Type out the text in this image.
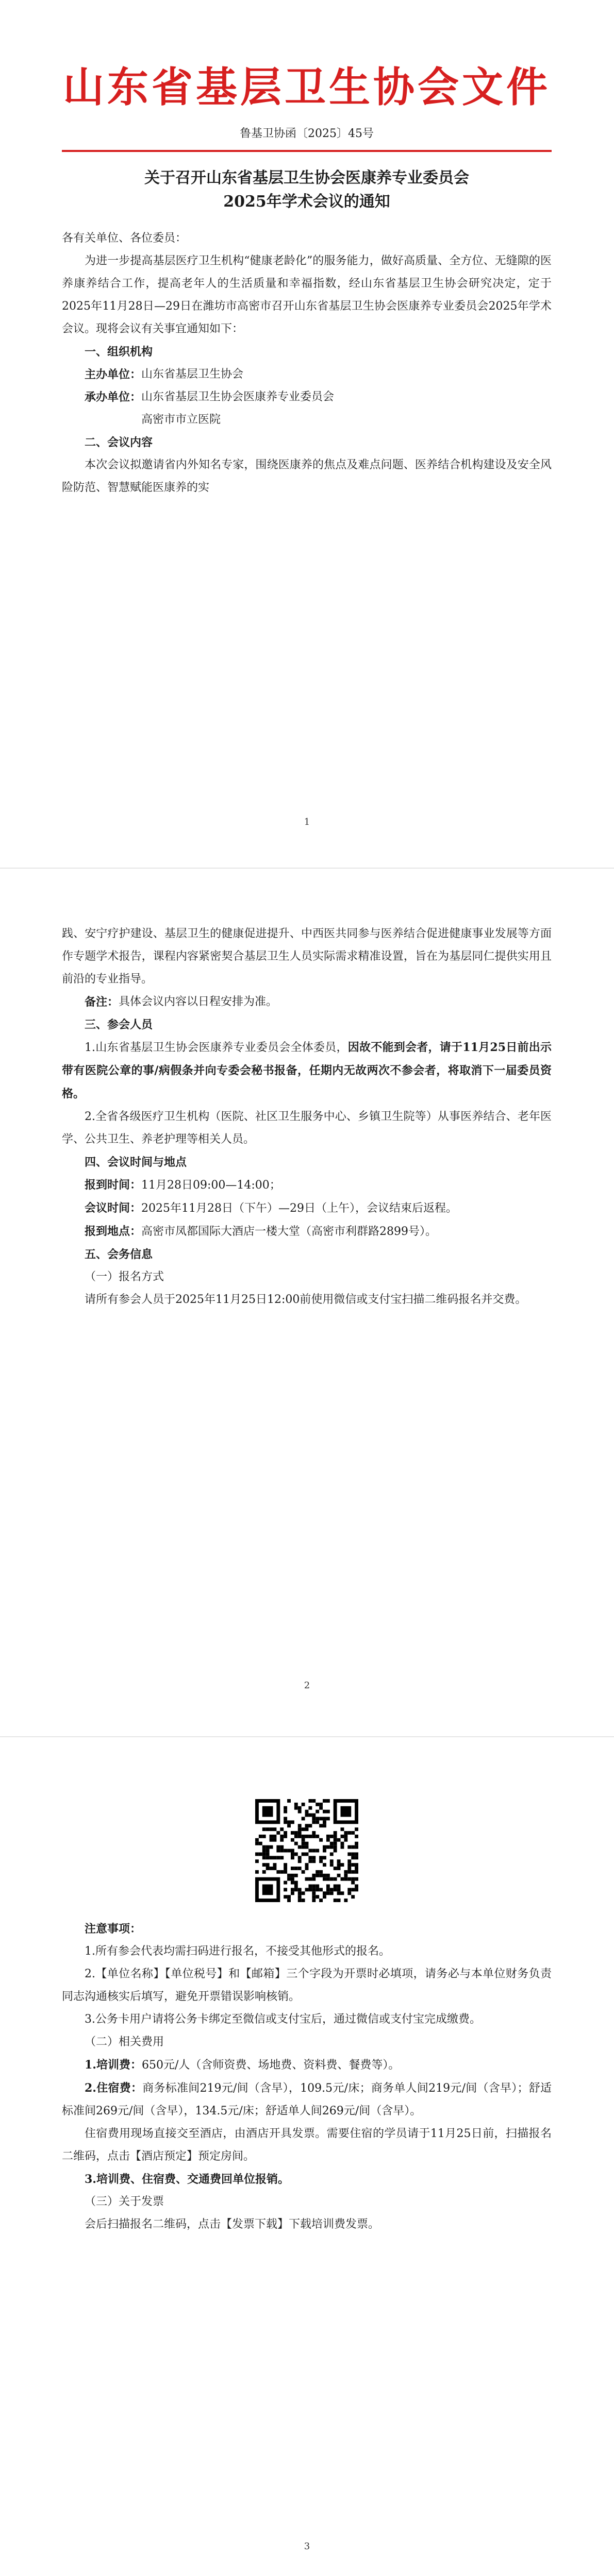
山东省基层卫生协会文件
鲁基卫协函〔2025〕45号
关于召开山东省基层卫生协会医康养专业委员会
2025年学术会议的通知
各有关单位、各位委员：
为进一步提高基层医疗卫生机构“健康老龄化”的服务能力，做好高质量、全方位、无缝隙的医养康养结合工作，提高老年人的生活质量和幸福指数，经山东省基层卫生协会研究决定，定于2025年11月28日—29日在潍坊市高密市召开山东省基层卫生协会医康养专业委员会2025年学术会议。现将会议有关事宜通知如下：
一、组织机构
主办单位： 山东省基层卫生协会
承办单位： 山东省基层卫生协会医康养专业委员会
高密市市立医院
二、会议内容
本次会议拟邀请省内外知名专家，围绕医康养的焦点及难点问题、医养结合机构建设及安全风险防范、智慧赋能医康养的实
1
践、安宁疗护建设、基层卫生的健康促进提升、中西医共同参与医养结合促进健康事业发展等方面作专题学术报告，课程内容紧密契合基层卫生人员实际需求精准设置，旨在为基层同仁提供实用且前沿的专业指导。
备注： 具体会议内容以日程安排为准。
三、参会人员
1.山东省基层卫生协会医康养专业委员会全体委员，因故不能到会者，请于11月25日前出示带有医院公章的事/病假条并向专委会秘书报备，任期内无故两次不参会者，将取消下一届委员资格。
2.全省各级医疗卫生机构（医院、社区卫生服务中心、乡镇卫生院等）从事医养结合、老年医学、公共卫生、养老护理等相关人员。
四、会议时间与地点
报到时间：11月28日09:00—14:00；
会议时间：2025年11月28日（下午）—29日（上午），会议结束后返程。
报到地点：高密市凤都国际大酒店一楼大堂（高密市利群路2899号）。
五、会务信息
（一）报名方式
请所有参会人员于2025年11月25日12:00前使用微信或支付宝扫描二维码报名并交费。
2
注意事项：
1.所有参会代表均需扫码进行报名，不接受其他形式的报名。
2.【单位名称】【单位税号】和【邮箱】三个字段为开票时必填项，请务必与本单位财务负责同志沟通核实后填写，避免开票错误影响核销。
3.公务卡用户请将公务卡绑定至微信或支付宝后，通过微信或支付宝完成缴费。
（二）相关费用
1.培训费：650元/人（含师资费、场地费、资料费、餐费等）。
2.住宿费：商务标准间219元/间（含早），109.5元/床；商务单人间219元/间（含早）；舒适标准间269元/间（含早），134.5元/床；舒适单人间269元/间（含早）。
住宿费用现场直接交至酒店，由酒店开具发票。需要住宿的学员请于11月25日前，扫描报名二维码，点击【酒店预定】预定房间。
3.培训费、住宿费、交通费回单位报销。
（三）关于发票
会后扫描报名二维码，点击【发票下载】下载培训费发票。
3
